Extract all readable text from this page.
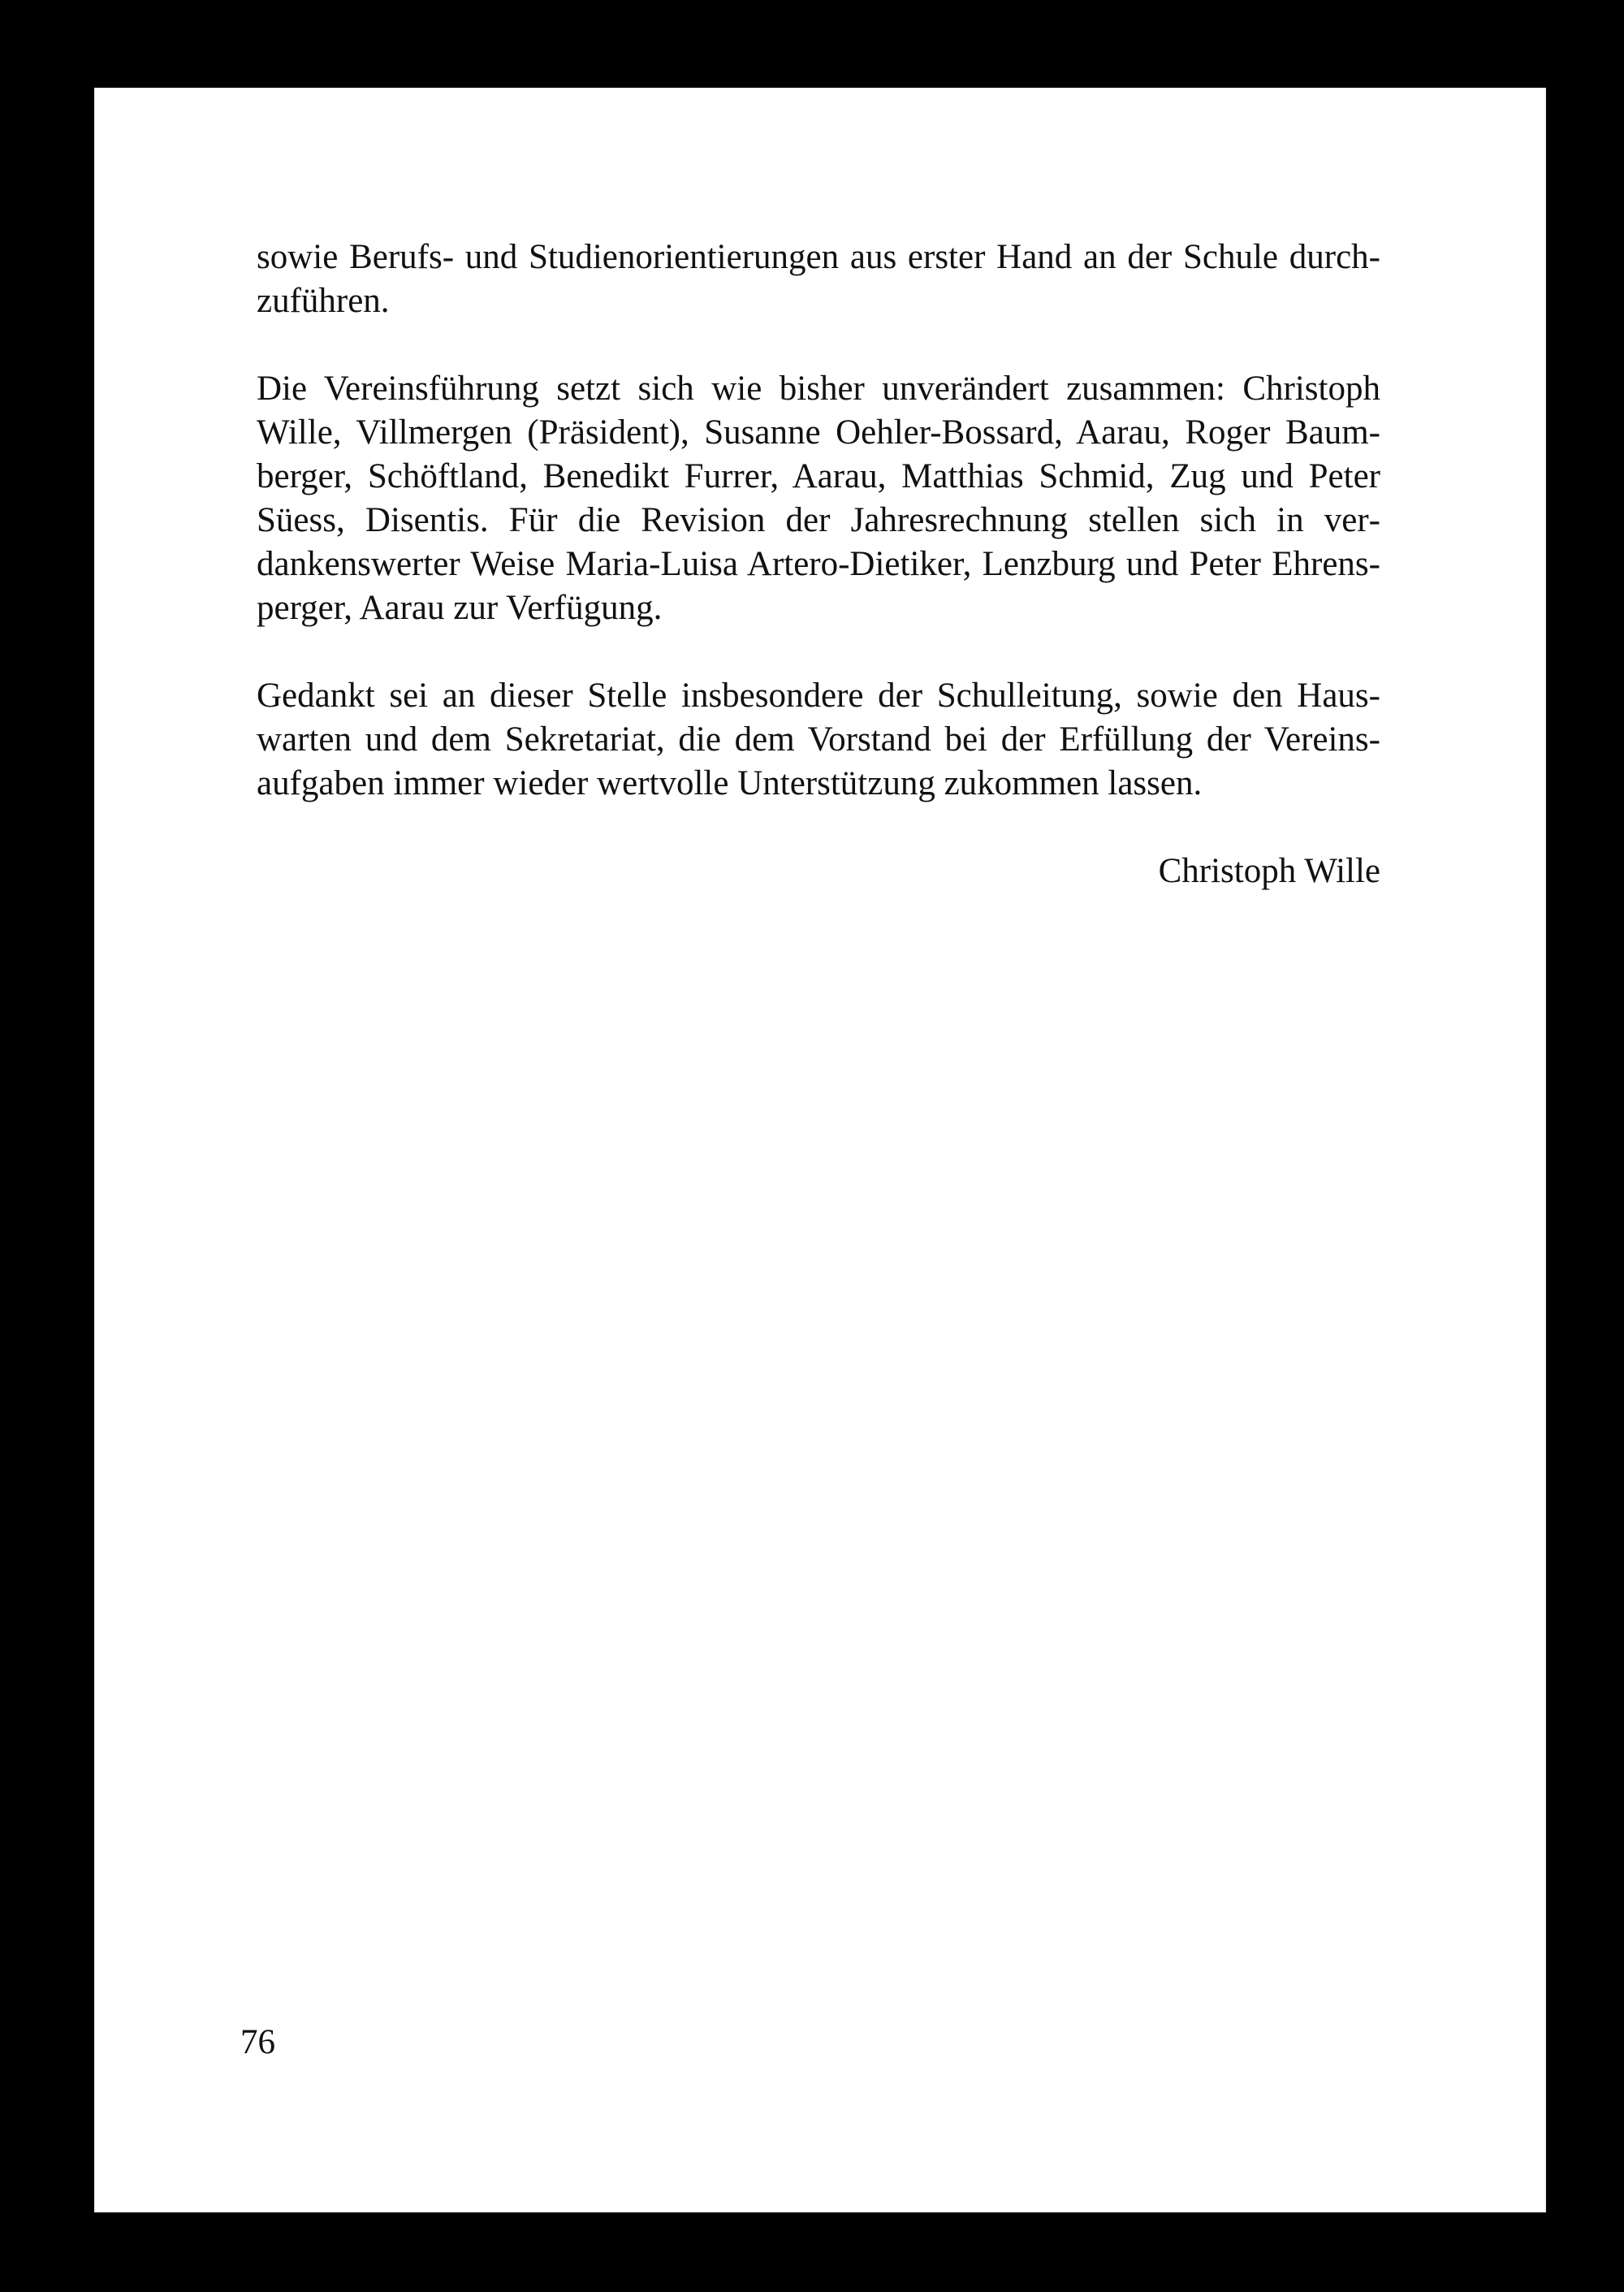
sowie Berufs- und Studienorientierungen aus erster Hand an der Schule durchzuführen.

Die Vereinsführung setzt sich wie bisher unverändert zusammen: Christoph Wille, Villmergen (Präsident), Susanne Oehler-Bossard, Aarau, Roger Baumberger, Schöftland, Benedikt Furrer, Aarau, Matthias Schmid, Zug und Peter Süess, Disentis. Für die Revision der Jahresrechnung stellen sich in verdankenswerter Weise Maria-Luisa Artero-Dietiker, Lenzburg und Peter Ehrensperger, Aarau zur Verfügung.

Gedankt sei an dieser Stelle insbesondere der Schulleitung, sowie den Hauswarten und dem Sekretariat, die dem Vorstand bei der Erfüllung der Vereinsaufgaben immer wieder wertvolle Unterstützung zukommen lassen.

Christoph Wille

76
